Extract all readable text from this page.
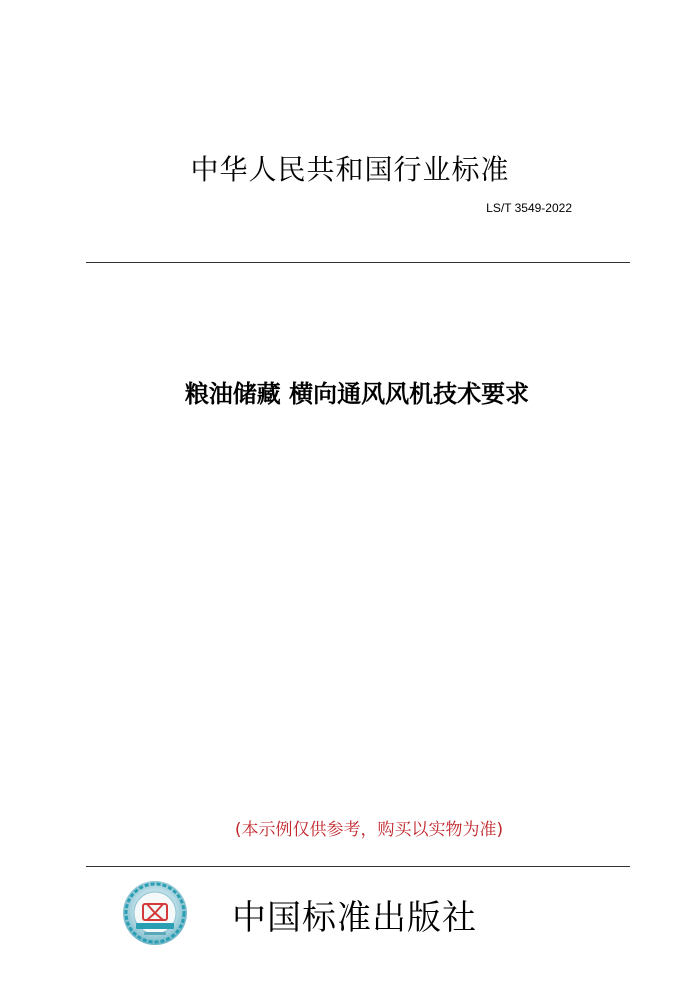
中华人民共和国行业标准
LS/T 3549-2022
粮油储藏 横向通风风机技术要求
(本示例仅供参考，购买以实物为准)
中国标准出版社
